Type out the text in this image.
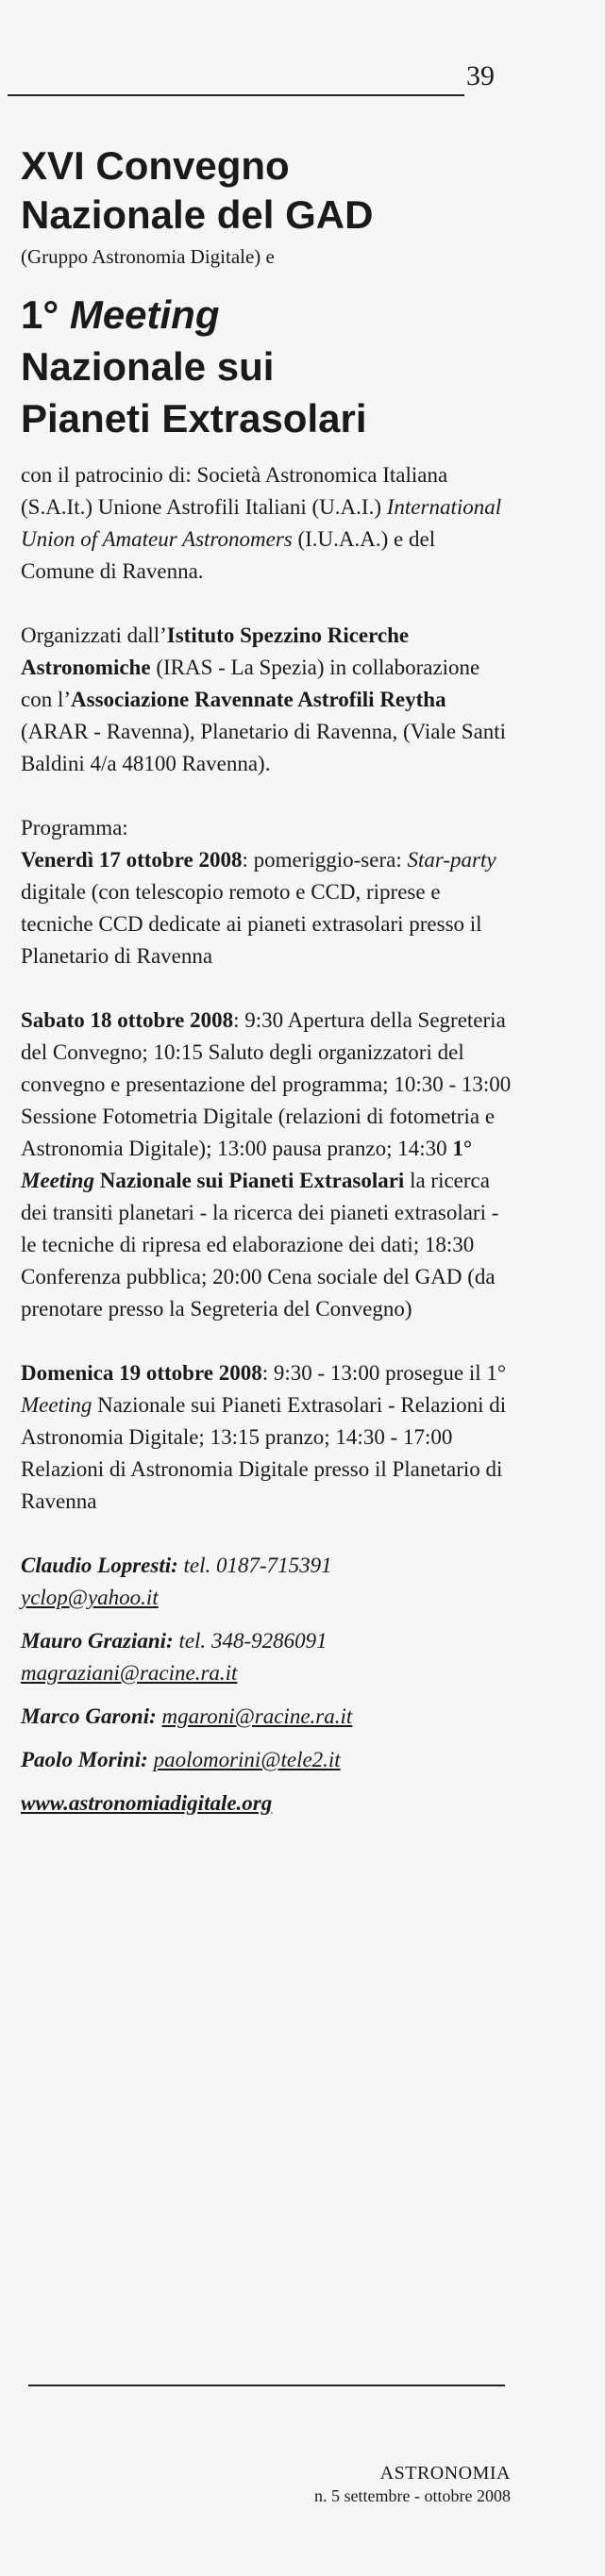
39
XVI Convegno
Nazionale del GAD

(Gruppo Astronomia Digitale) e

1° Meeting
Nazionale sui
Pianeti Extrasolari

con il patrocinio di: Società Astronomica Italiana (S.A.It.) Unione Astrofili Italiani (U.A.I.) International Union of Amateur Astronomers (I.U.A.A.) e del Comune di Ravenna.

Organizzati dall’Istituto Spezzino Ricerche Astronomiche (IRAS - La Spezia) in collaborazione con l’Associazione Ravennate Astrofili Reytha (ARAR - Ravenna), Planetario di Ravenna, (Viale Santi Baldini 4/a 48100 Ravenna).

Programma:
Venerdì 17 ottobre 2008: pomeriggio-sera: Star-party digitale (con telescopio remoto e CCD, riprese e tecniche CCD dedicate ai pianeti extrasolari presso il Planetario di Ravenna

Sabato 18 ottobre 2008: 9:30 Apertura della Segreteria del Convegno; 10:15 Saluto degli organizzatori del convegno e presentazione del programma; 10:30 - 13:00 Sessione Fotometria Digitale (relazioni di fotometria e Astronomia Digitale); 13:00 pausa pranzo; 14:30 1° Meeting Nazionale sui Pianeti Extrasolari la ricerca dei transiti planetari - la ricerca dei pianeti extrasolari - le tecniche di ripresa ed elaborazione dei dati; 18:30 Conferenza pubblica; 20:00 Cena sociale del GAD (da prenotare presso la Segreteria del Convegno)

Domenica 19 ottobre 2008: 9:30 - 13:00 prosegue il 1° Meeting Nazionale sui Pianeti Extrasolari - Relazioni di Astronomia Digitale; 13:15 pranzo; 14:30 - 17:00 Relazioni di Astronomia Digitale presso il Planetario di Ravenna

Claudio Lopresti: tel. 0187-715391
yclop@yahoo.it
Mauro Graziani: tel. 348-9286091
magraziani@racine.ra.it
Marco Garoni: mgaroni@racine.ra.it
Paolo Morini: paolomorini@tele2.it
www.astronomiadigitale.org
ASTRONOMIA
n. 5 settembre - ottobre 2008
